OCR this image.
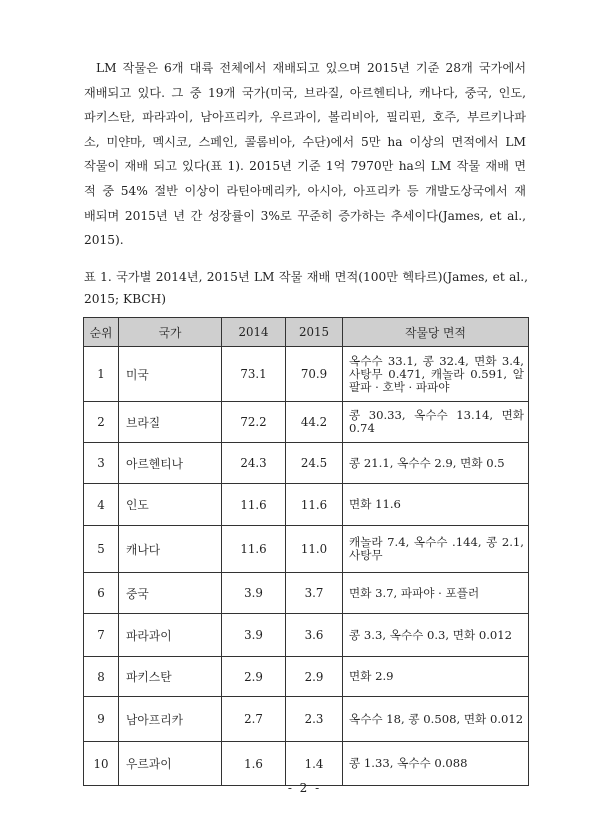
LM 작물은 6개 대륙 전체에서 재배되고 있으며 2015년 기준 28개 국가에서
재배되고 있다. 그 중 19개 국가(미국, 브라질, 아르헨티나, 캐나다, 중국, 인도,
파키스탄, 파라과이, 남아프리카, 우르과이, 볼리비아, 필리핀, 호주, 부르키나파
소, 미얀마, 멕시코, 스페인, 콜롬비아, 수단)에서 5만 ha 이상의 면적에서 LM
작물이 재배 되고 있다(표 1). 2015년 기준 1억 7970만 ha의 LM 작물 재배 면
적 중 54% 절반 이상이 라틴아메리카, 아시아, 아프리카 등 개발도상국에서 재
배되며 2015년 년 간 성장률이 3%로 꾸준히 증가하는 추세이다(James, et al.,
2015).
표 1. 국가별 2014년, 2015년 LM 작물 재배 면적(100만 헥타르)(James, et al.,
2015; KBCH)
순위	국가	2014	2015	작물당 면적
1	미국	73.1	70.9	옥수수 33.1, 콩 32.4, 면화 3.4, 사탕무 0.471, 캐놀라 0.591, 알팔파 · 호박 · 파파야
2	브라질	72.2	44.2	콩 30.33, 옥수수 13.14, 면화 0.74
3	아르헨티나	24.3	24.5	콩 21.1, 옥수수 2.9, 면화 0.5
4	인도	11.6	11.6	면화 11.6
5	캐나다	11.6	11.0	캐놀라 7.4, 옥수수 .144, 콩 2.1, 사탕무
6	중국	3.9	3.7	면화 3.7, 파파야 · 포플러
7	파라과이	3.9	3.6	콩 3.3, 옥수수 0.3, 면화 0.012
8	파키스탄	2.9	2.9	면화 2.9
9	남아프리카	2.7	2.3	옥수수 18, 콩 0.508, 면화 0.012
10	우르과이	1.6	1.4	콩 1.33, 옥수수 0.088
- 2 -
